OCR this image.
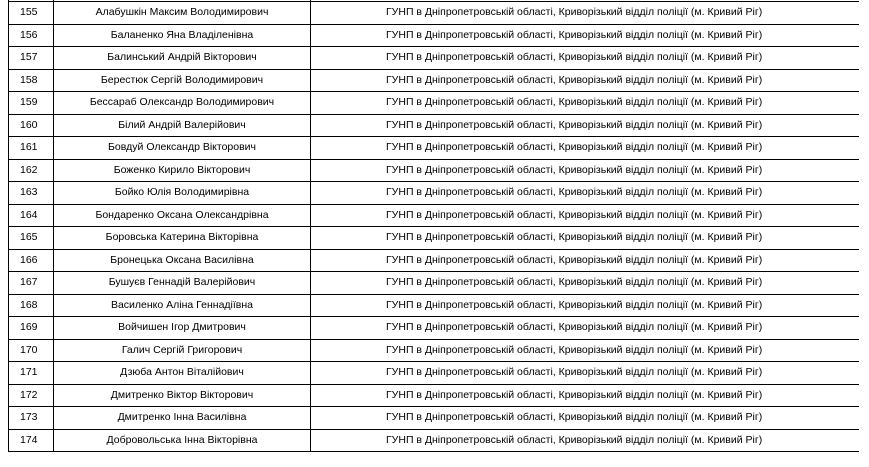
155	Алабушкін Максим Володимирович	ГУНП в Дніпропетровській області, Криворізький відділ поліції (м. Кривий Ріг)
156	Баланенко Яна Владіленівна	ГУНП в Дніпропетровській області, Криворізький відділ поліції (м. Кривий Ріг)
157	Балинський Андрій Вікторович	ГУНП в Дніпропетровській області, Криворізький відділ поліції (м. Кривий Ріг)
158	Берестюк Сергій Володимирович	ГУНП в Дніпропетровській області, Криворізький відділ поліції (м. Кривий Ріг)
159	Бессараб Олександр Володимирович	ГУНП в Дніпропетровській області, Криворізький відділ поліції (м. Кривий Ріг)
160	Білий Андрій Валерійович	ГУНП в Дніпропетровській області, Криворізький відділ поліції (м. Кривий Ріг)
161	Бовдуй Олександр Вікторович	ГУНП в Дніпропетровській області, Криворізький відділ поліції (м. Кривий Ріг)
162	Боженко Кирило Вікторович	ГУНП в Дніпропетровській області, Криворізький відділ поліції (м. Кривий Ріг)
163	Бойко Юлія Володимирівна	ГУНП в Дніпропетровській області, Криворізький відділ поліції (м. Кривий Ріг)
164	Бондаренко Оксана Олександрівна	ГУНП в Дніпропетровській області, Криворізький відділ поліції (м. Кривий Ріг)
165	Боровська Катерина Вікторівна	ГУНП в Дніпропетровській області, Криворізький відділ поліції (м. Кривий Ріг)
166	Бронецька Оксана Василівна	ГУНП в Дніпропетровській області, Криворізький відділ поліції (м. Кривий Ріг)
167	Бушуєв Геннадій Валерійович	ГУНП в Дніпропетровській області, Криворізький відділ поліції (м. Кривий Ріг)
168	Василенко Аліна Геннадіївна	ГУНП в Дніпропетровській області, Криворізький відділ поліції (м. Кривий Ріг)
169	Войчишен Ігор Дмитрович	ГУНП в Дніпропетровській області, Криворізький відділ поліції (м. Кривий Ріг)
170	Галич Сергій Григорович	ГУНП в Дніпропетровській області, Криворізький відділ поліції (м. Кривий Ріг)
171	Дзюба Антон Віталійович	ГУНП в Дніпропетровській області, Криворізький відділ поліції (м. Кривий Ріг)
172	Дмитренко Віктор Вікторович	ГУНП в Дніпропетровській області, Криворізький відділ поліції (м. Кривий Ріг)
173	Дмитренко Інна Василівна	ГУНП в Дніпропетровській області, Криворізький відділ поліції (м. Кривий Ріг)
174	Добровольська Інна Вікторівна	ГУНП в Дніпропетровській області, Криворізький відділ поліції (м. Кривий Ріг)
